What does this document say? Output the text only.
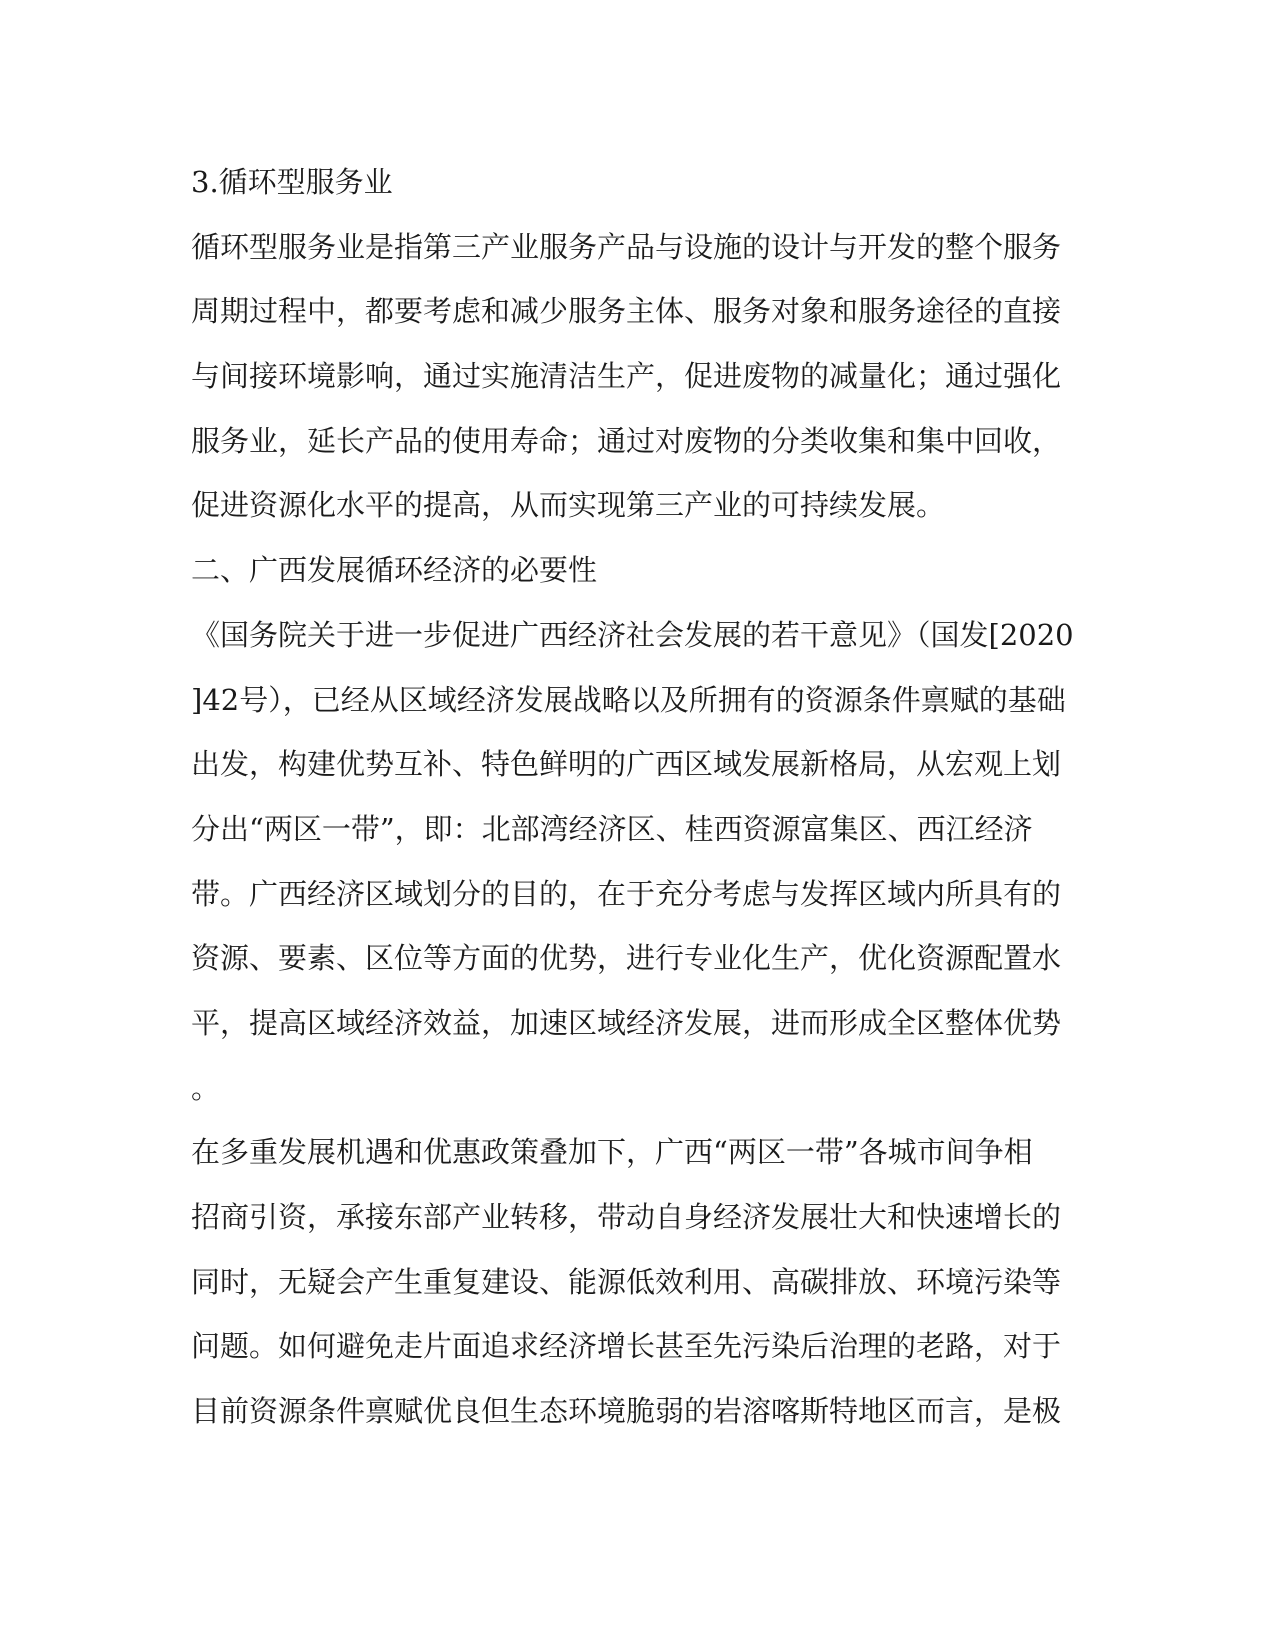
3.循环型服务业
循环型服务业是指第三产业服务产品与设施的设计与开发的整个服务
周期过程中，都要考虑和减少服务主体、服务对象和服务途径的直接
与间接环境影响，通过实施清洁生产，促进废物的减量化；通过强化
服务业，延长产品的使用寿命；通过对废物的分类收集和集中回收，
促进资源化水平的提高，从而实现第三产业的可持续发展。
二、广西发展循环经济的必要性
《国务院关于进一步促进广西经济社会发展的若干意见》（国发[2020
]42号），已经从区域经济发展战略以及所拥有的资源条件禀赋的基础
出发，构建优势互补、特色鲜明的广西区域发展新格局，从宏观上划
分出“两区一带”，即：北部湾经济区、桂西资源富集区、西江经济
带。广西经济区域划分的目的，在于充分考虑与发挥区域内所具有的
资源、要素、区位等方面的优势，进行专业化生产，优化资源配置水
平，提高区域经济效益，加速区域经济发展，进而形成全区整体优势
。
在多重发展机遇和优惠政策叠加下，广西“两区一带”各城市间争相
招商引资，承接东部产业转移，带动自身经济发展壮大和快速增长的
同时，无疑会产生重复建设、能源低效利用、高碳排放、环境污染等
问题。如何避免走片面追求经济增长甚至先污染后治理的老路，对于
目前资源条件禀赋优良但生态环境脆弱的岩溶喀斯特地区而言，是极
